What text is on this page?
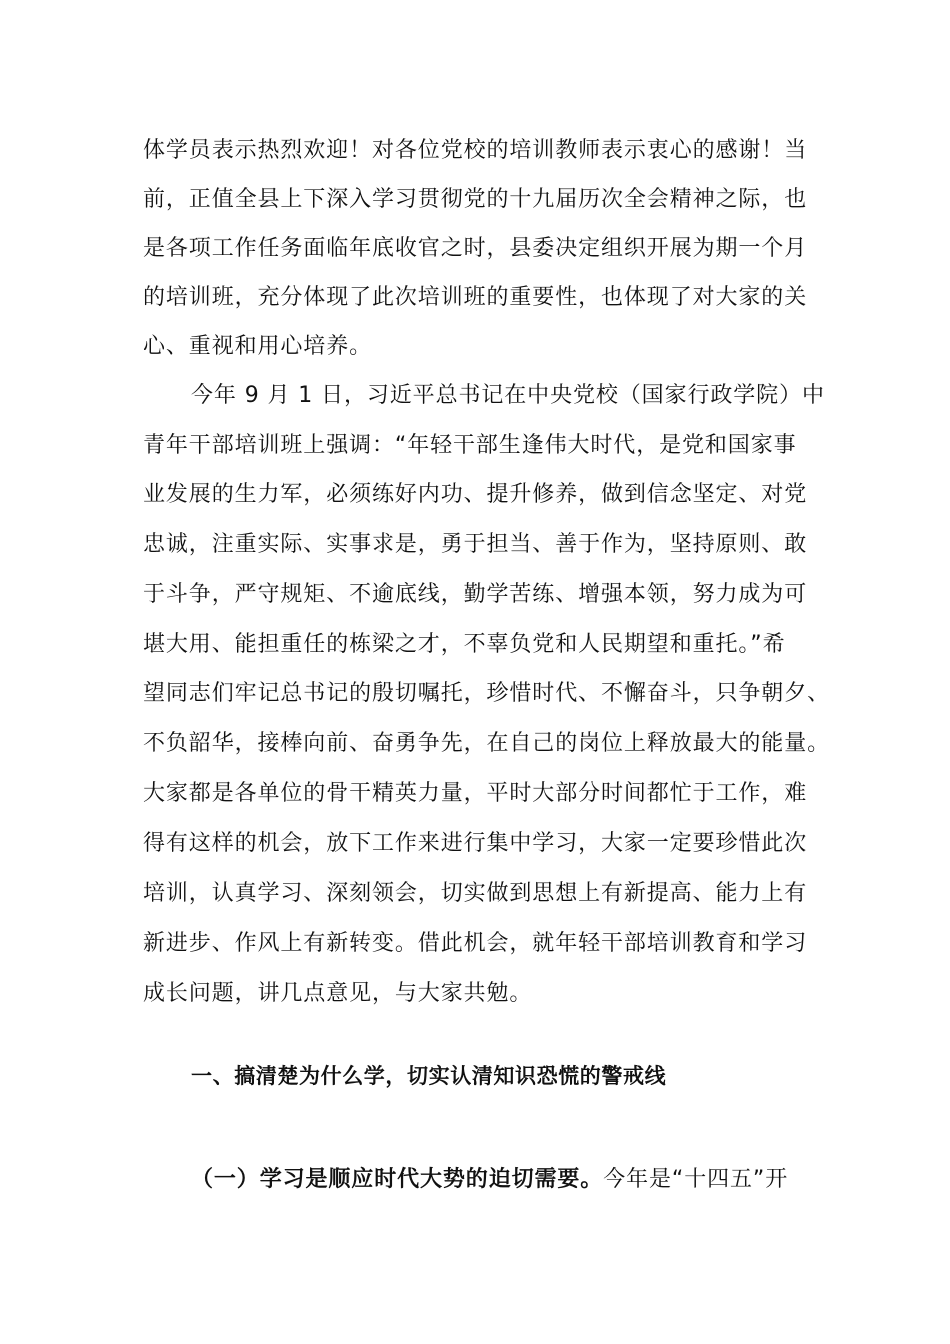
体学员表示热烈欢迎！对各位党校的培训教师表示衷心的感谢！当
前，正值全县上下深入学习贯彻党的十九届历次全会精神之际，也
是各项工作任务面临年底收官之时，县委决定组织开展为期一个月
的培训班，充分体现了此次培训班的重要性，也体现了对大家的关
心、重视和用心培养。
今年 9 月 1 日，习近平总书记在中央党校（国家行政学院）中
青年干部培训班上强调：“年轻干部生逢伟大时代，是党和国家事
业发展的生力军，必须练好内功、提升修养，做到信念坚定、对党
忠诚，注重实际、实事求是，勇于担当、善于作为，坚持原则、敢
于斗争，严守规矩、不逾底线，勤学苦练、增强本领，努力成为可
堪大用、能担重任的栋梁之才，不辜负党和人民期望和重托。”希
望同志们牢记总书记的殷切嘱托，珍惜时代、不懈奋斗，只争朝夕、
不负韶华，接棒向前、奋勇争先，在自己的岗位上释放最大的能量。
大家都是各单位的骨干精英力量，平时大部分时间都忙于工作，难
得有这样的机会，放下工作来进行集中学习，大家一定要珍惜此次
培训，认真学习、深刻领会，切实做到思想上有新提高、能力上有
新进步、作风上有新转变。借此机会，就年轻干部培训教育和学习
成长问题，讲几点意见，与大家共勉。
一、搞清楚为什么学，切实认清知识恐慌的警戒线
（一）学习是顺应时代大势的迫切需要。今年是“十四五”开
